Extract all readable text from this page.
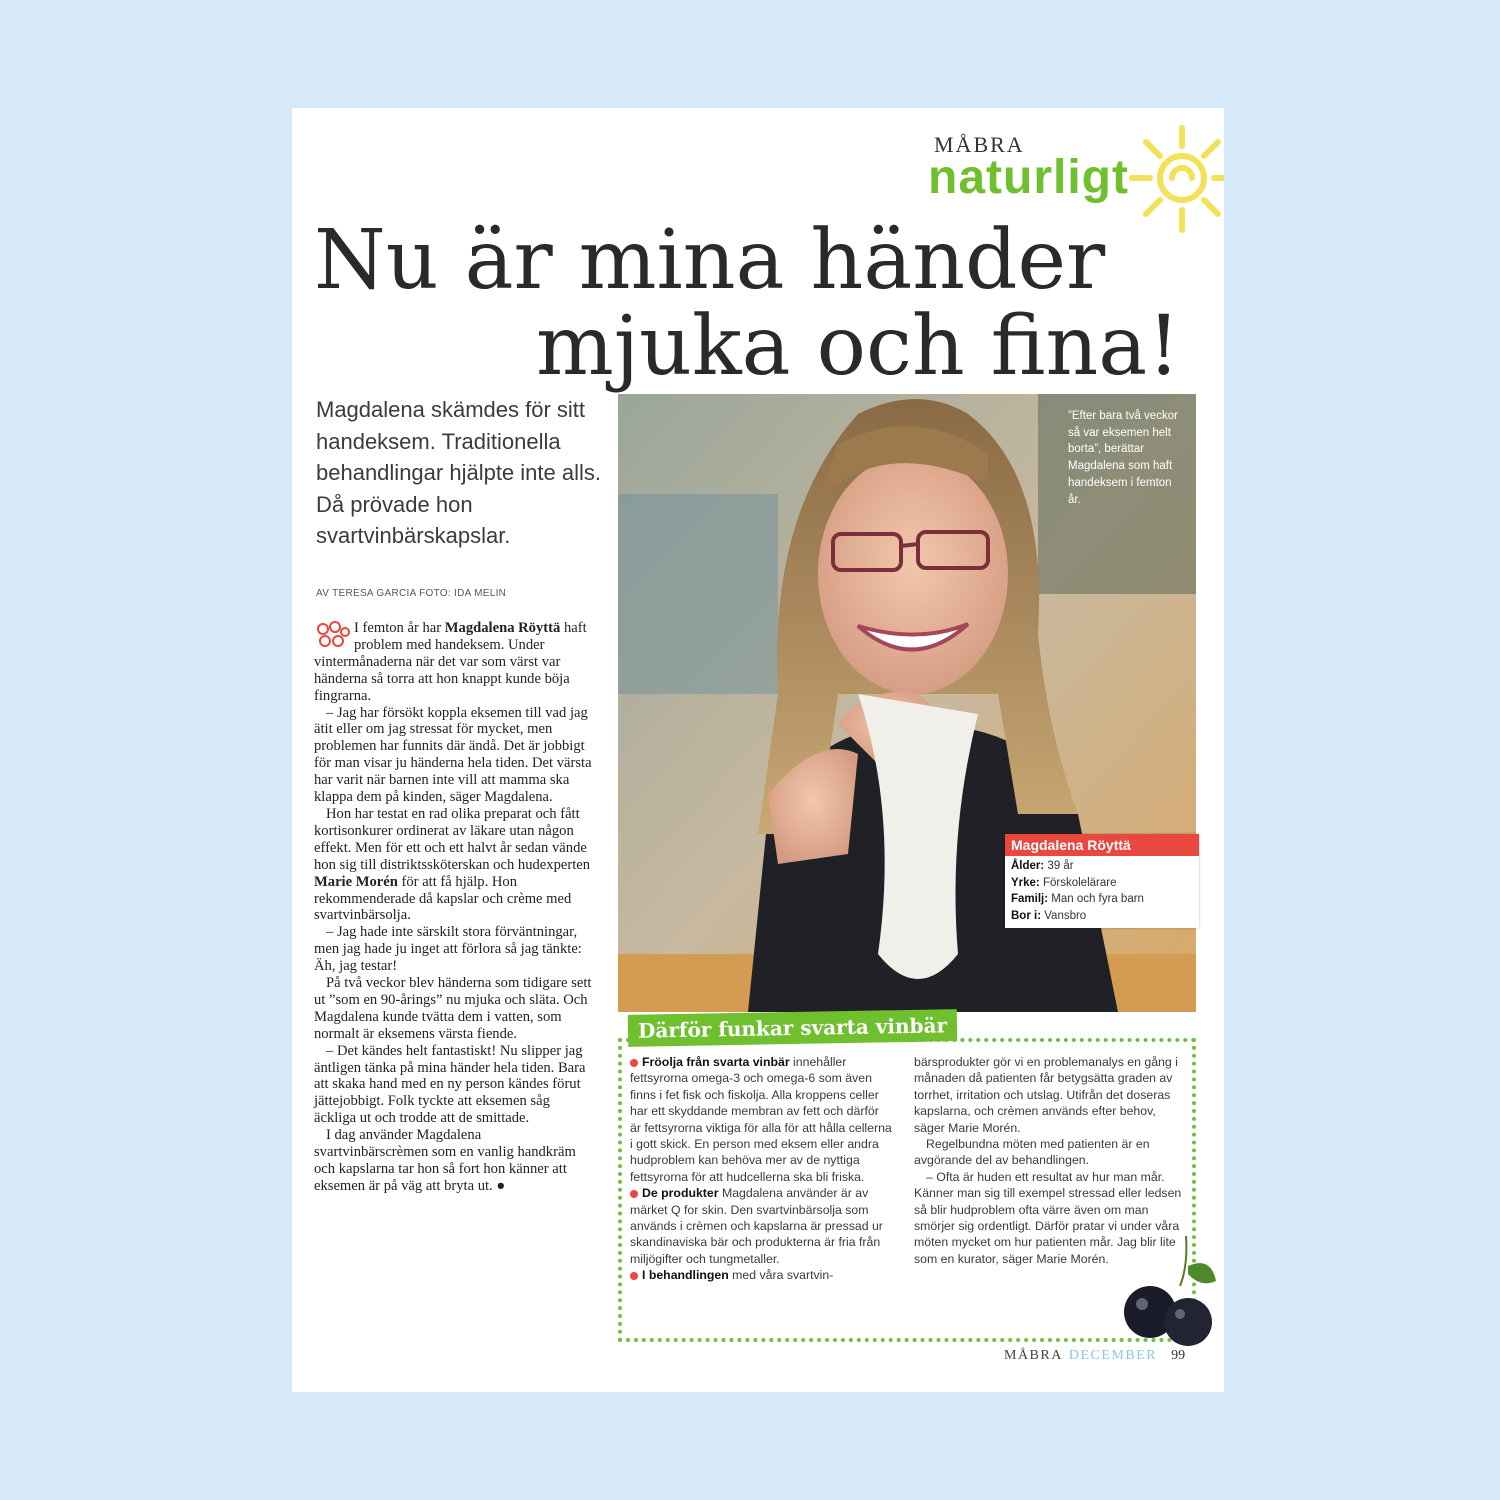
MÅBRA
naturligt
Nu är mina händer
mjuka och fina!
Magdalena skämdes för sitt handeksem. Traditionella behandlingar hjälpte inte alls. Då prövade hon svartvinbärskapslar.
AV TERESA GARCIA FOTO: IDA MELIN

I femton år har Magdalena Röyttä haft problem med handeksem. Under vintermånaderna när det var som värst var händerna så torra att hon knappt kunde böja fingrarna.

– Jag har försökt koppla eksemen till vad jag ätit eller om jag stressat för mycket, men problemen har funnits där ändå. Det är jobbigt för man visar ju händerna hela tiden. Det värsta har varit när barnen inte vill att mamma ska klappa dem på kinden, säger Magdalena.

Hon har testat en rad olika preparat och fått kortisonkurer ordinerat av läkare utan någon effekt. Men för ett och ett halvt år sedan vände hon sig till distriktssköterskan och hudexperten Marie Morén för att få hjälp. Hon rekommenderade då kapslar och crème med svartvinbärsolja.

– Jag hade inte särskilt stora förväntningar, men jag hade ju inget att förlora så jag tänkte: Äh, jag testar!

På två veckor blev händerna som tidigare sett ut ”som en 90-årings” nu mjuka och släta. Och Magdalena kunde tvätta dem i vatten, som normalt är eksemens värsta fiende.

– Det kändes helt fantastiskt! Nu slipper jag äntligen tänka på mina händer hela tiden. Bara att skaka hand med en ny person kändes förut jättejobbigt. Folk tyckte att eksemen såg äckliga ut och trodde att de smittade.

I dag använder Magdalena svartvinbärscrèmen som en vanlig handkräm och kapslarna tar hon så fort hon känner att eksemen är på väg att bryta ut. ●

”Efter bara två veckor så var eksemen helt borta”, berättar Magdalena som haft handeksem i femton år.
Magdalena Röyttä
Ålder: 39 år
Yrke: Förskolelärare
Familj: Man och fyra barn
Bor i: Vansbro
Därför funkar svarta vinbär

Fröolja från svarta vinbär innehåller fettsyrorna omega-3 och omega-6 som även finns i fet fisk och fiskolja. Alla kroppens celler har ett skyddande membran av fett och därför är fettsyrorna viktiga för alla för att hålla cellerna i gott skick. En person med eksem eller andra hudproblem kan behöva mer av de nyttiga fettsyrorna för att hudcellerna ska bli friska.

De produkter Magdalena använder är av märket Q for skin. Den svartvinbärsolja som används i crèmen och kapslarna är pressad ur skandinaviska bär och produkterna är fria från miljögifter och tungmetaller.

I behandlingen med våra svartvin-

bärsprodukter gör vi en problemanalys en gång i månaden då patienten får betygsätta graden av torrhet, irritation och utslag. Utifrån det doseras kapslarna, och crèmen används efter behov, säger Marie Morén.

Regelbundna möten med patienten är en avgörande del av behandlingen.

– Ofta är huden ett resultat av hur man mår. Känner man sig till exempel stressad eller ledsen så blir hudproblem ofta värre även om man smörjer sig ordentligt. Därför pratar vi under våra möten mycket om hur patienten mår. Jag blir lite som en kurator, säger Marie Morén.

MÅBRA DECEMBER 99
